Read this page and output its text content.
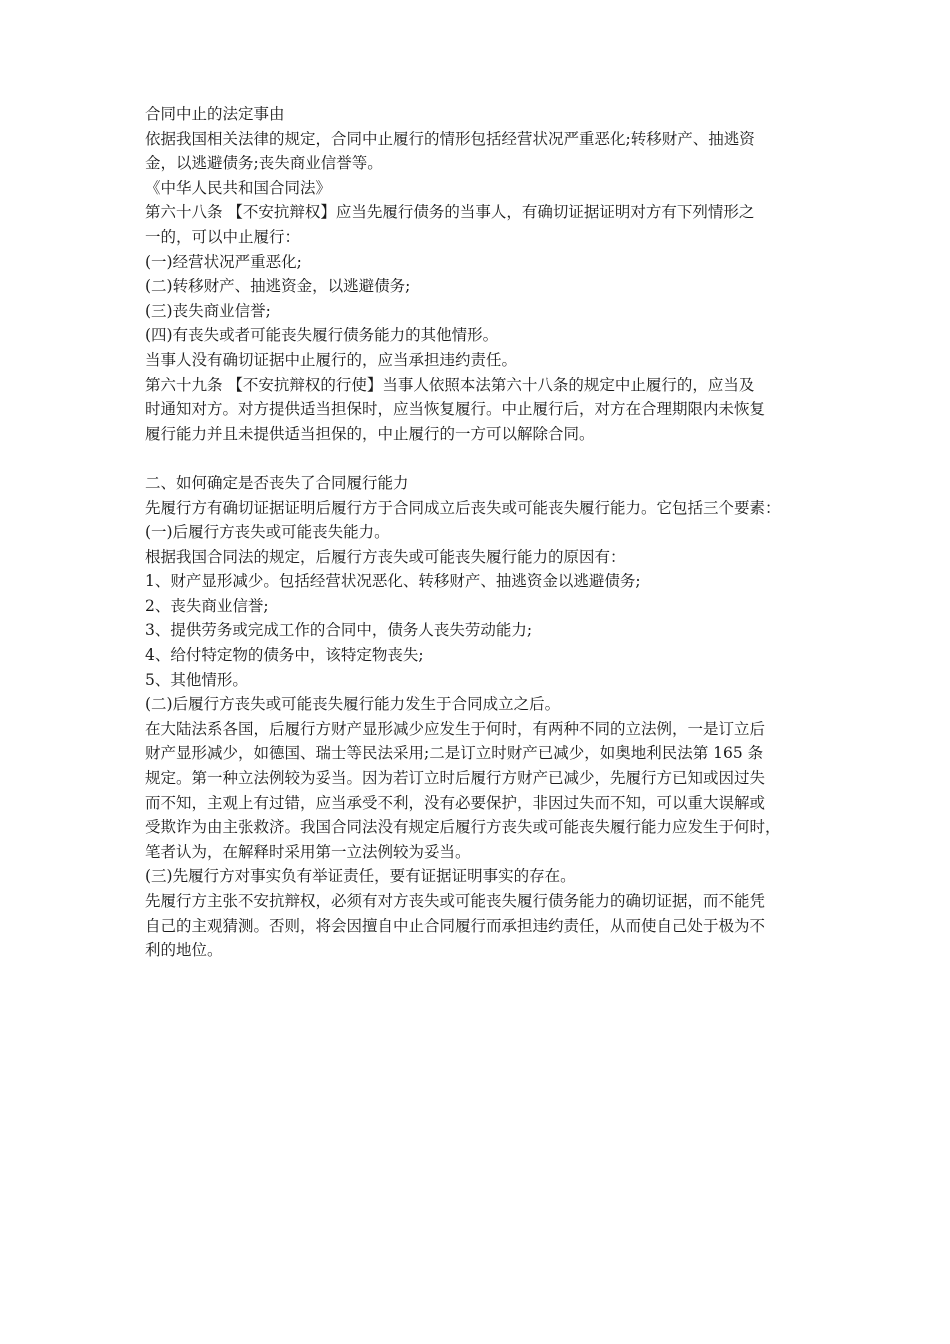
合同中止的法定事由

依据我国相关法律的规定，合同中止履行的情形包括经营状况严重恶化;转移财产、抽逃资

金，以逃避债务;丧失商业信誉等。

《中华人民共和国合同法》

第六十八条 【不安抗辩权】应当先履行债务的当事人，有确切证据证明对方有下列情形之

一的，可以中止履行：

(一)经营状况严重恶化;

(二)转移财产、抽逃资金，以逃避债务;

(三)丧失商业信誉;

(四)有丧失或者可能丧失履行债务能力的其他情形。

当事人没有确切证据中止履行的，应当承担违约责任。

第六十九条 【不安抗辩权的行使】当事人依照本法第六十八条的规定中止履行的，应当及

时通知对方。对方提供适当担保时，应当恢复履行。中止履行后，对方在合理期限内未恢复

履行能力并且未提供适当担保的，中止履行的一方可以解除合同。

二、如何确定是否丧失了合同履行能力

先履行方有确切证据证明后履行方于合同成立后丧失或可能丧失履行能力。它包括三个要素：

(一)后履行方丧失或可能丧失能力。

根据我国合同法的规定，后履行方丧失或可能丧失履行能力的原因有：

1、财产显形减少。包括经营状况恶化、转移财产、抽逃资金以逃避债务;

2、丧失商业信誉;

3、提供劳务或完成工作的合同中，债务人丧失劳动能力;

4、给付特定物的债务中，该特定物丧失;

5、其他情形。

(二)后履行方丧失或可能丧失履行能力发生于合同成立之后。

在大陆法系各国，后履行方财产显形减少应发生于何时，有两种不同的立法例，一是订立后

财产显形减少，如德国、瑞士等民法采用;二是订立时财产已减少，如奥地利民法第 165 条

规定。第一种立法例较为妥当。因为若订立时后履行方财产已减少，先履行方已知或因过失

而不知，主观上有过错，应当承受不利，没有必要保护，非因过失而不知，可以重大误解或

受欺诈为由主张救济。我国合同法没有规定后履行方丧失或可能丧失履行能力应发生于何时，

笔者认为，在解释时采用第一立法例较为妥当。

(三)先履行方对事实负有举证责任，要有证据证明事实的存在。

先履行方主张不安抗辩权，必须有对方丧失或可能丧失履行债务能力的确切证据，而不能凭

自己的主观猜测。否则，将会因擅自中止合同履行而承担违约责任，从而使自己处于极为不

利的地位。
